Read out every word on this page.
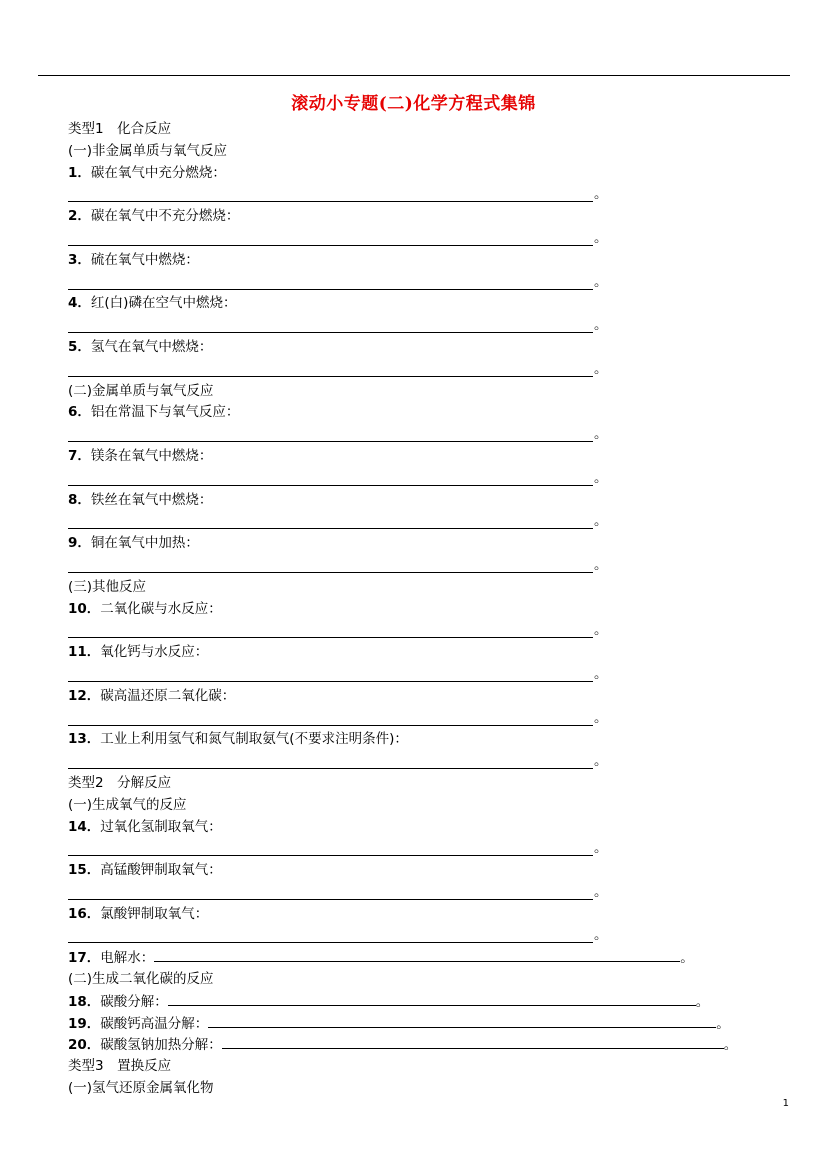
滚动小专题(二)化学方程式集锦
类型1　化合反应
(一)非金属单质与氧气反应
1．碳在氧气中充分燃烧：
。
2．碳在氧气中不充分燃烧：
。
3．硫在氧气中燃烧：
。
4．红(白)磷在空气中燃烧：
。
5．氢气在氧气中燃烧：
。
(二)金属单质与氧气反应
6．铝在常温下与氧气反应：
。
7．镁条在氧气中燃烧：
。
8．铁丝在氧气中燃烧：
。
9．铜在氧气中加热：
。
(三)其他反应
10．二氧化碳与水反应：
。
11．氧化钙与水反应：
。
12．碳高温还原二氧化碳：
。
13．工业上利用氢气和氮气制取氨气(不要求注明条件)：
。
类型2　分解反应
(一)生成氧气的反应
14．过氧化氢制取氧气：
。
15．高锰酸钾制取氧气：
。
16．氯酸钾制取氧气：
。
17．电解水：	。
(二)生成二氧化碳的反应
18．碳酸分解：	。
19．碳酸钙高温分解：	。
20．碳酸氢钠加热分解：	。
类型3　置换反应
(一)氢气还原金属氧化物
1
